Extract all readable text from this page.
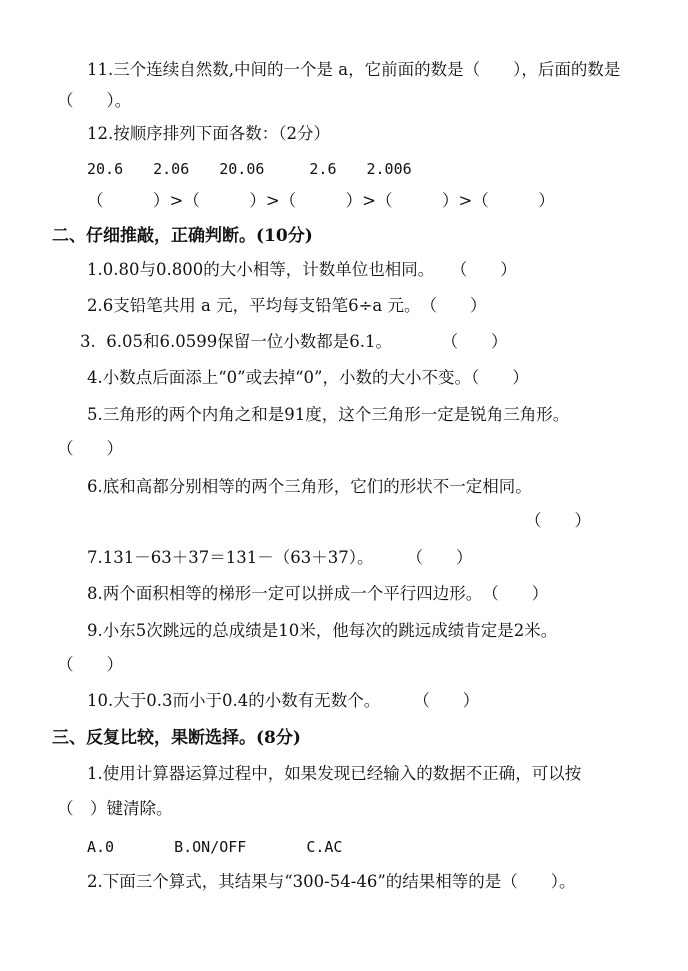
11.三个连续自然数,中间的一个是 a，它前面的数是（　　），后面的数是
（　　）。
12.按顺序排列下面各数：（2分）
20.6　　2.06　　20.06　　　2.6　　2.006
（　　　）>（　　　）>（　　　）>（　　　）>（　　　）
二、仔细推敲，正确判断。(10分)
1.0.80与0.800的大小相等，计数单位也相同。　　（　　）
2.6支铅笔共用 a 元，平均每支铅笔6÷a 元。　（　　）
3.  6.05和6.0599保留一位小数都是6.1。　　　　（　　）
4.小数点后面添上“0”或去掉“0”，小数的大小不变。（　　）
5.三角形的两个内角之和是91度，这个三角形一定是锐角三角形。
（　　）
6.底和高都分别相等的两个三角形，它们的形状不一定相同。
（　　）
7.131－63＋37＝131－（63＋37）。　　　（　　）
8.两个面积相等的梯形一定可以拼成一个平行四边形。　（　　）
9.小东5次跳远的总成绩是10米，他每次的跳远成绩肯定是2米。
（　　）
10.大于0.3而小于0.4的小数有无数个。　　　（　　）
三、反复比较，果断选择。(8分)
1.使用计算器运算过程中，如果发现已经输入的数据不正确，可以按
（　）键清除。
A.0　　　　B.ON/OFF　　　　C.AC
2.下面三个算式，其结果与“300-54-46”的结果相等的是（　　）。
